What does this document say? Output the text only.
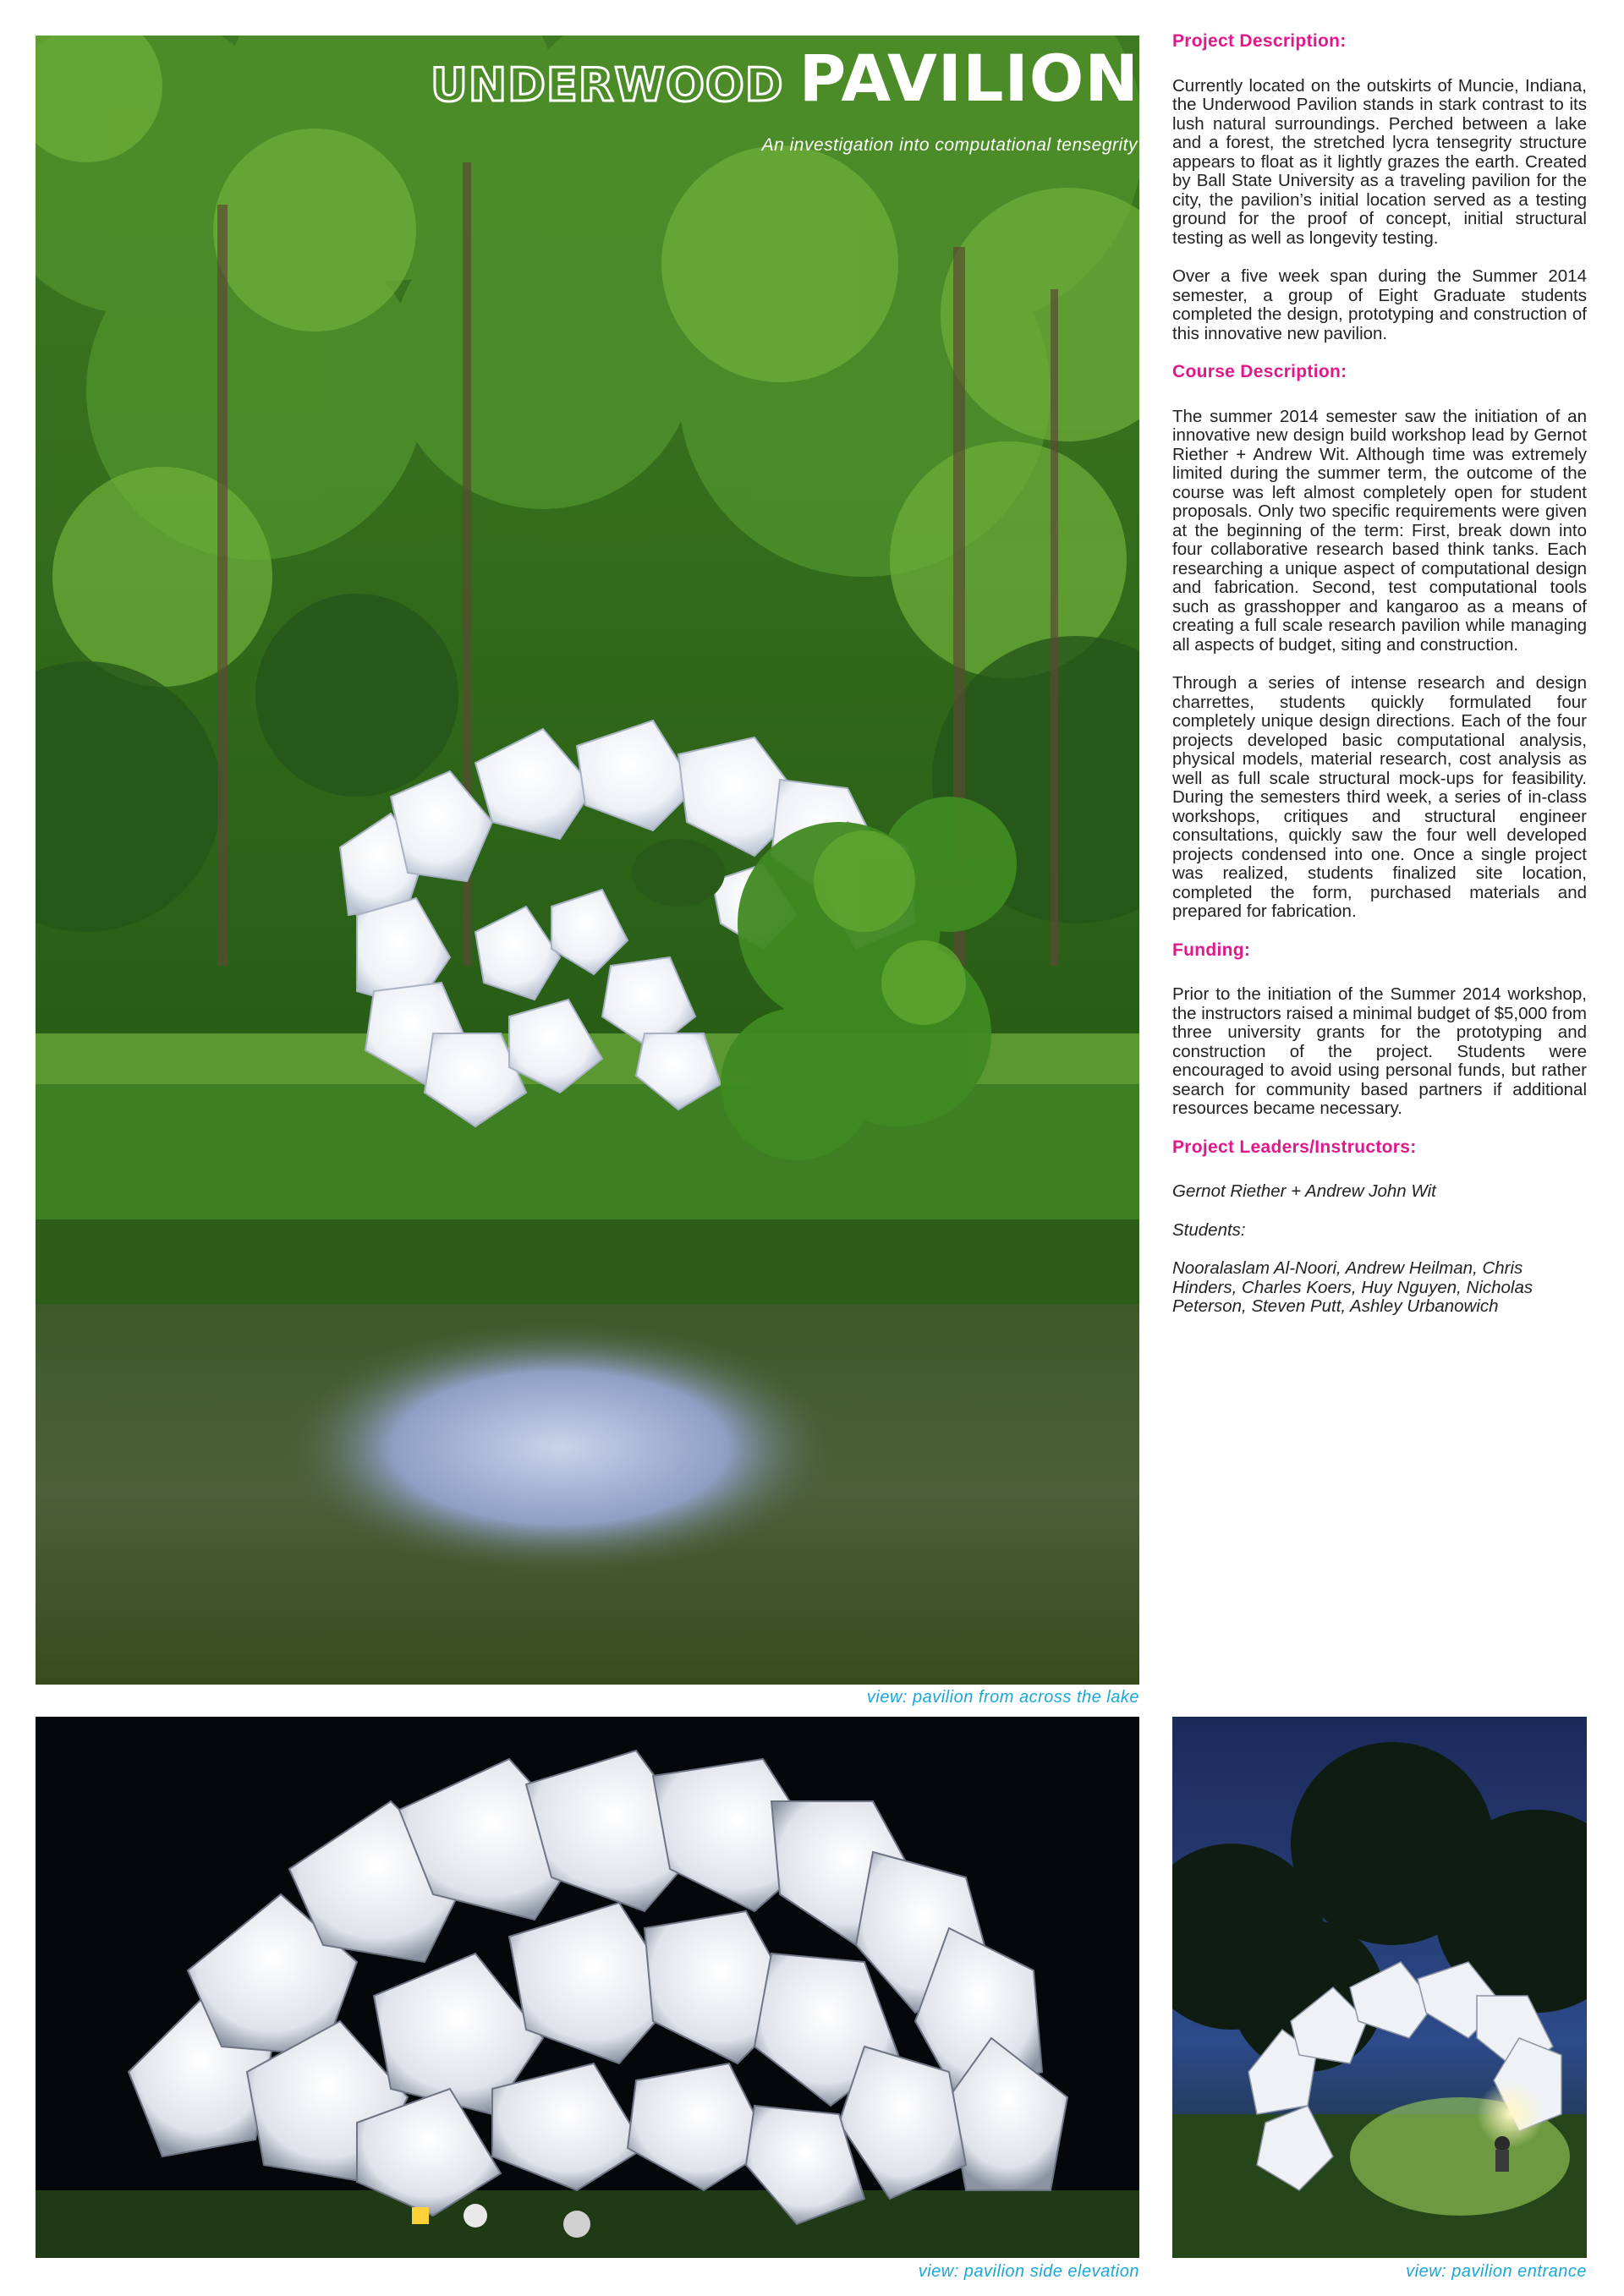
UNDERWOOD PAVILION
An investigation into computational tensegrity
view: pavilion from across the lake
view: pavilion side elevation	view: pavilion entrance
Project Description:

Currently located on the outskirts of Muncie, Indiana, the Underwood Pavilion stands in stark contrast to its lush natural surroundings. Perched between a lake and a forest, the stretched lycra tensegrity structure appears to float as it lightly grazes the earth. Created by Ball State University as a traveling pavilion for the city, the pavilion’s initial location served as a testing ground for the proof of concept, initial structural testing as well as longevity testing.

Over a five week span during the Summer 2014 semester, a group of Eight Graduate students completed the design, prototyping and construction of this innovative new pavilion.

Course Description:

The summer 2014 semester saw the initiation of an innovative new design build workshop lead by Gernot Riether + Andrew Wit. Although time was extremely limited during the summer term, the outcome of the course was left almost completely open for student proposals. Only two specific requirements were given at the beginning of the term: First, break down into four collaborative research based think tanks. Each researching a unique aspect of computational design and fabrication. Second, test computational tools such as grasshopper and kangaroo as a means of creating a full scale research pavilion while managing all aspects of budget, siting and construction.

Through a series of intense research and design charrettes, students quickly formulated four completely unique design directions. Each of the four projects developed basic computational analysis, physical models, material research, cost analysis as well as full scale structural mock-ups for feasibility. During the semesters third week, a series of in-class workshops, critiques and structural engineer consultations, quickly saw the four well developed projects condensed into one. Once a single project was realized, students finalized site location, completed the form, purchased materials and prepared for fabrication.

Funding:

Prior to the initiation of the Summer 2014 workshop, the instructors raised a minimal budget of $5,000 from three university grants for the prototyping and construction of the project. Students were encouraged to avoid using personal funds, but rather search for community based partners if additional resources became necessary.

Project Leaders/Instructors:

Gernot Riether + Andrew John Wit

Students:

Nooralaslam Al-Noori, Andrew Heilman, Chris Hinders, Charles Koers, Huy Nguyen, Nicholas Peterson, Steven Putt, Ashley Urbanowich
